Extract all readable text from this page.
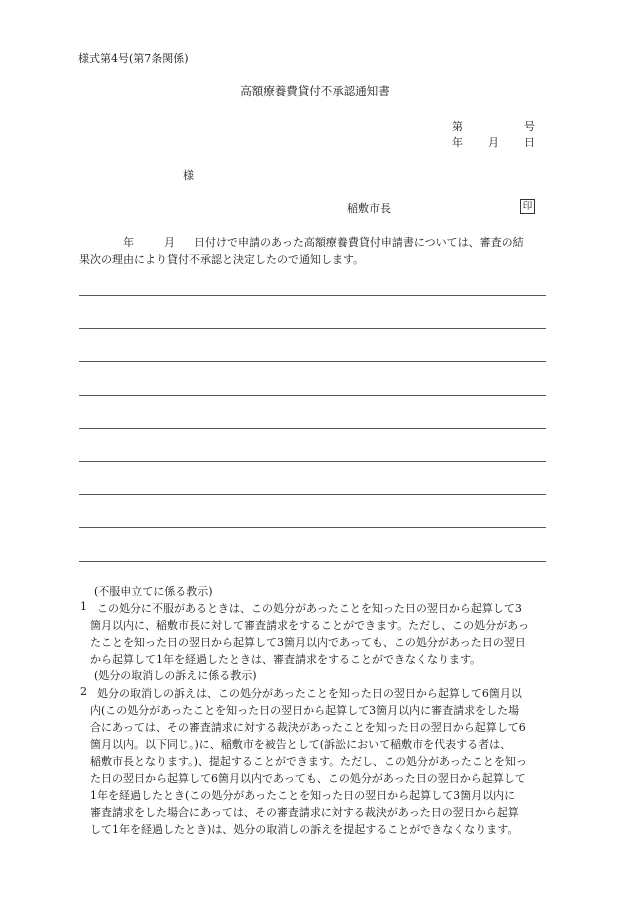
様式第4号(第7条関係)
高額療養費貸付不承認通知書
第	号
年 月 日
様
稲敷市長	印
年	月 日付けで申請のあった高額療養費貸付申請書については、審査の結
果次の理由により貸付不承認と決定したので通知します。
(不服申立てに係る教示)
1 この処分に不服があるときは、この処分があったことを知った日の翌日から起算して3
箇月以内に、稲敷市長に対して審査請求をすることができます。ただし、この処分があっ
たことを知った日の翌日から起算して3箇月以内であっても、この処分があった日の翌日
から起算して1年を経過したときは、審査請求をすることができなくなります。
(処分の取消しの訴えに係る教示)
2 処分の取消しの訴えは、この処分があったことを知った日の翌日から起算して6箇月以
内(この処分があったことを知った日の翌日から起算して3箇月以内に審査請求をした場
合にあっては、その審査請求に対する裁決があったことを知った日の翌日から起算して6
箇月以内。以下同じ。)に、稲敷市を被告として(訴訟において稲敷市を代表する者は、
稲敷市長となります。)、提起することができます。ただし、この処分があったことを知っ
た日の翌日から起算して6箇月以内であっても、この処分があった日の翌日から起算して
1年を経過したとき(この処分があったことを知った日の翌日から起算して3箇月以内に
審査請求をした場合にあっては、その審査請求に対する裁決があった日の翌日から起算
して1年を経過したとき)は、処分の取消しの訴えを提起することができなくなります。
